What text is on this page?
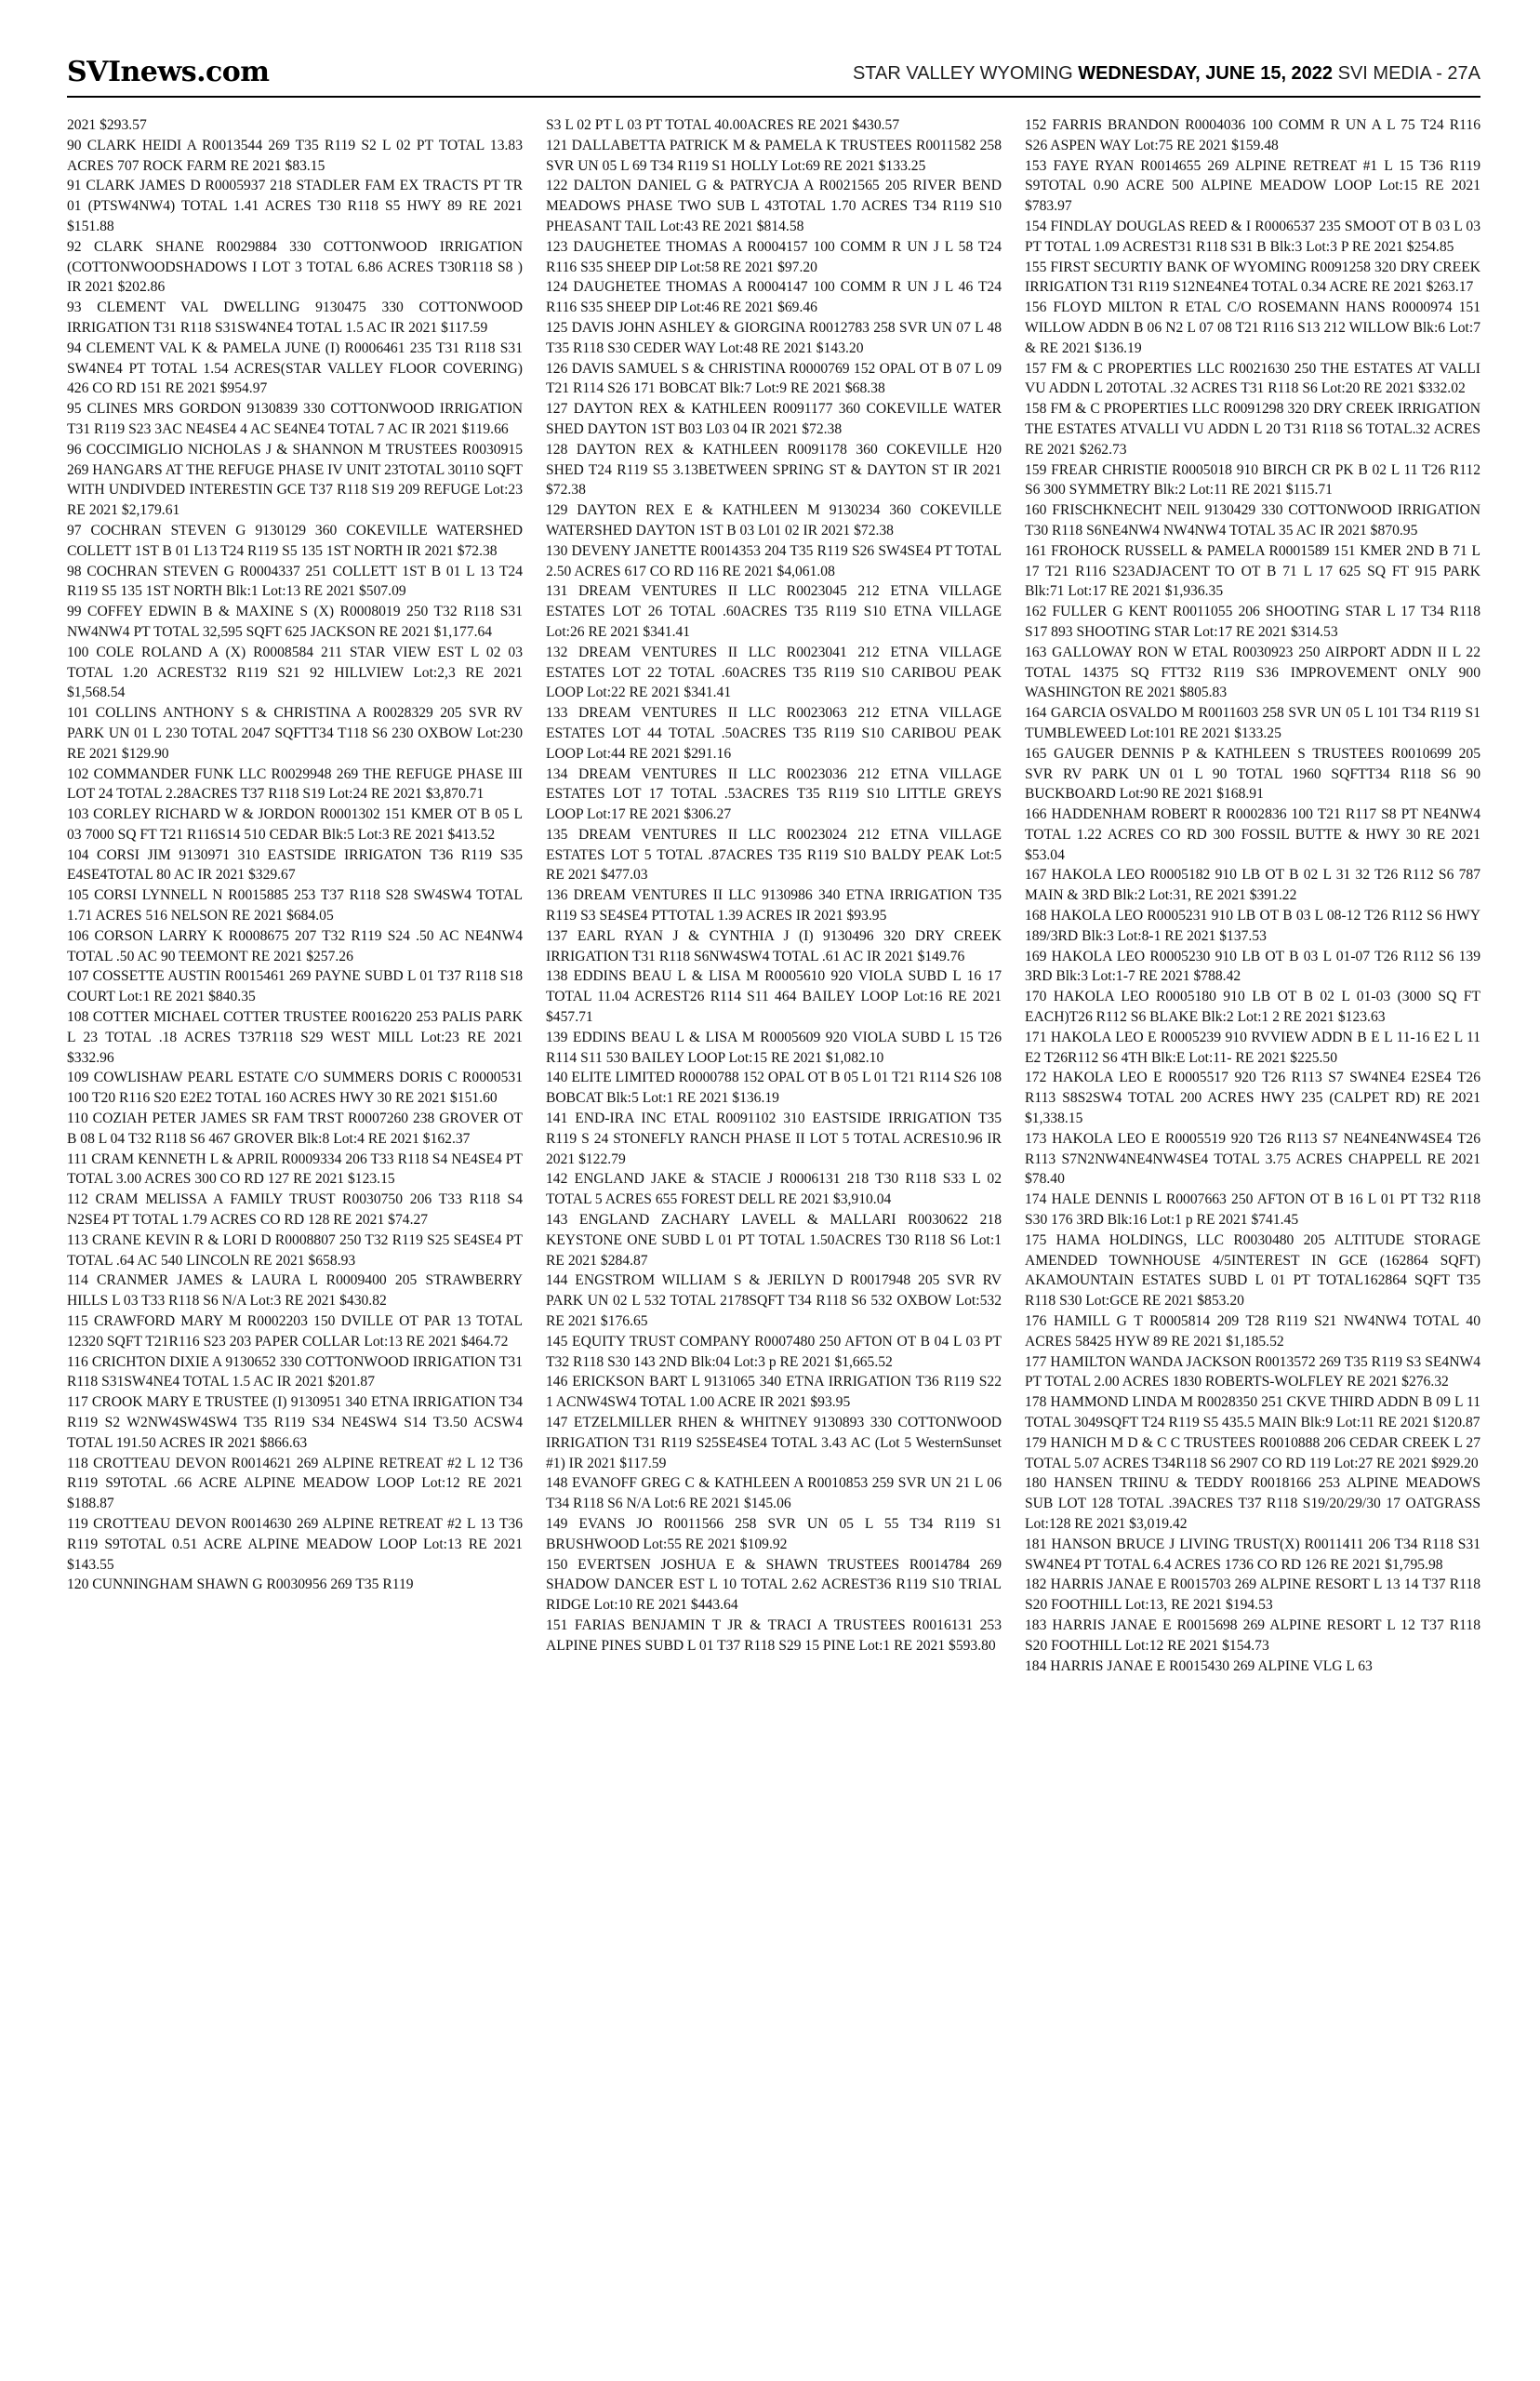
SVInews.com	STAR VALLEY WYOMING WEDNESDAY, JUNE 15, 2022 SVI MEDIA - 27A

2021 $293.57

90 CLARK HEIDI A R0013544 269 T35 R119 S2 L 02 PT TOTAL 13.83 ACRES 707 ROCK FARM RE 2021 $83.15

91 CLARK JAMES D R0005937 218 STADLER FAM EX TRACTS PT TR 01 (PTSW4NW4) TOTAL 1.41 ACRES T30 R118 S5 HWY 89 RE 2021 $151.88

92 CLARK SHANE R0029884 330 COTTONWOOD IRRIGATION (COTTONWOODSHADOWS I LOT 3 TOTAL 6.86 ACRES T30R118 S8 ) IR 2021 $202.86

93 CLEMENT VAL DWELLING 9130475 330 COTTONWOOD IRRIGATION T31 R118 S31SW4NE4 TOTAL 1.5 AC IR 2021 $117.59

94 CLEMENT VAL K & PAMELA JUNE (I) R0006461 235 T31 R118 S31 SW4NE4 PT TOTAL 1.54 ACRES(STAR VALLEY FLOOR COVERING) 426 CO RD 151 RE 2021 $954.97

95 CLINES MRS GORDON 9130839 330 COTTONWOOD IRRIGATION T31 R119 S23 3AC NE4SE4 4 AC SE4NE4 TOTAL 7 AC IR 2021 $119.66

96 COCCIMIGLIO NICHOLAS J & SHANNON M TRUSTEES R0030915 269 HANGARS AT THE REFUGE PHASE IV UNIT 23TOTAL 30110 SQFT WITH UNDIVDED INTERESTIN GCE T37 R118 S19 209 REFUGE Lot:23 RE 2021 $2,179.61

97 COCHRAN STEVEN G 9130129 360 COKEVILLE WATERSHED COLLETT 1ST B 01 L13 T24 R119 S5 135 1ST NORTH IR 2021 $72.38

98 COCHRAN STEVEN G R0004337 251 COLLETT 1ST B 01 L 13 T24 R119 S5 135 1ST NORTH Blk:1 Lot:13 RE 2021 $507.09

99 COFFEY EDWIN B & MAXINE S (X) R0008019 250 T32 R118 S31 NW4NW4 PT TOTAL 32,595 SQFT 625 JACKSON RE 2021 $1,177.64

100 COLE ROLAND A (X) R0008584 211 STAR VIEW EST L 02 03 TOTAL 1.20 ACREST32 R119 S21 92 HILLVIEW Lot:2,3 RE 2021 $1,568.54

101 COLLINS ANTHONY S & CHRISTINA A R0028329 205 SVR RV PARK UN 01 L 230 TOTAL 2047 SQFTT34 T118 S6 230 OXBOW Lot:230 RE 2021 $129.90

102 COMMANDER FUNK LLC R0029948 269 THE REFUGE PHASE III LOT 24 TOTAL 2.28ACRES T37 R118 S19 Lot:24 RE 2021 $3,870.71

103 CORLEY RICHARD W & JORDON R0001302 151 KMER OT B 05 L 03 7000 SQ FT T21 R116S14 510 CEDAR Blk:5 Lot:3 RE 2021 $413.52

104 CORSI JIM 9130971 310 EASTSIDE IRRIGATON T36 R119 S35 E4SE4TOTAL 80 AC IR 2021 $329.67

105 CORSI LYNNELL N R0015885 253 T37 R118 S28 SW4SW4 TOTAL 1.71 ACRES 516 NELSON RE 2021 $684.05

106 CORSON LARRY K R0008675 207 T32 R119 S24 .50 AC NE4NW4 TOTAL .50 AC 90 TEEMONT RE 2021 $257.26

107 COSSETTE AUSTIN R0015461 269 PAYNE SUBD L 01 T37 R118 S18 COURT Lot:1 RE 2021 $840.35

108 COTTER MICHAEL COTTER TRUSTEE R0016220 253 PALIS PARK L 23 TOTAL .18 ACRES T37R118 S29 WEST MILL Lot:23 RE 2021 $332.96

109 COWLISHAW PEARL ESTATE C/O SUMMERS DORIS C R0000531 100 T20 R116 S20 E2E2 TOTAL 160 ACRES HWY 30 RE 2021 $151.60

110 COZIAH PETER JAMES SR FAM TRST R0007260 238 GROVER OT B 08 L 04 T32 R118 S6 467 GROVER Blk:8 Lot:4 RE 2021 $162.37

111 CRAM KENNETH L & APRIL R0009334 206 T33 R118 S4 NE4SE4 PT TOTAL 3.00 ACRES 300 CO RD 127 RE 2021 $123.15

112 CRAM MELISSA A FAMILY TRUST R0030750 206 T33 R118 S4 N2SE4 PT TOTAL 1.79 ACRES CO RD 128 RE 2021 $74.27

113 CRANE KEVIN R & LORI D R0008807 250 T32 R119 S25 SE4SE4 PT TOTAL .64 AC 540 LINCOLN RE 2021 $658.93

114 CRANMER JAMES & LAURA L R0009400 205 STRAWBERRY HILLS L 03 T33 R118 S6 N/A Lot:3 RE 2021 $430.82

115 CRAWFORD MARY M R0002203 150 DVILLE OT PAR 13 TOTAL 12320 SQFT T21R116 S23 203 PAPER COLLAR Lot:13 RE 2021 $464.72

116 CRICHTON DIXIE A 9130652 330 COTTONWOOD IRRIGATION T31 R118 S31SW4NE4 TOTAL 1.5 AC IR 2021 $201.87

117 CROOK MARY E TRUSTEE (I) 9130951 340 ETNA IRRIGATION T34 R119 S2 W2NW4SW4SW4 T35 R119 S34 NE4SW4 S14 T3.50 ACSW4 TOTAL 191.50 ACRES IR 2021 $866.63

118 CROTTEAU DEVON R0014621 269 ALPINE RETREAT #2 L 12 T36 R119 S9TOTAL .66 ACRE ALPINE MEADOW LOOP Lot:12 RE 2021 $188.87

119 CROTTEAU DEVON R0014630 269 ALPINE RETREAT #2 L 13 T36 R119 S9TOTAL 0.51 ACRE ALPINE MEADOW LOOP Lot:13 RE 2021 $143.55

120 CUNNINGHAM SHAWN G R0030956 269 T35 R119

S3 L 02 PT L 03 PT TOTAL 40.00ACRES RE 2021 $430.57

121 DALLABETTA PATRICK M & PAMELA K TRUSTEES R0011582 258 SVR UN 05 L 69 T34 R119 S1 HOLLY Lot:69 RE 2021 $133.25

122 DALTON DANIEL G & PATRYCJA A R0021565 205 RIVER BEND MEADOWS PHASE TWO SUB L 43TOTAL 1.70 ACRES T34 R119 S10 PHEASANT TAIL Lot:43 RE 2021 $814.58

123 DAUGHETEE THOMAS A R0004157 100 COMM R UN J L 58 T24 R116 S35 SHEEP DIP Lot:58 RE 2021 $97.20

124 DAUGHETEE THOMAS A R0004147 100 COMM R UN J L 46 T24 R116 S35 SHEEP DIP Lot:46 RE 2021 $69.46

125 DAVIS JOHN ASHLEY & GIORGINA R0012783 258 SVR UN 07 L 48 T35 R118 S30 CEDER WAY Lot:48 RE 2021 $143.20

126 DAVIS SAMUEL S & CHRISTINA R0000769 152 OPAL OT B 07 L 09 T21 R114 S26 171 BOBCAT Blk:7 Lot:9 RE 2021 $68.38

127 DAYTON REX & KATHLEEN R0091177 360 COKEVILLE WATER SHED DAYTON 1ST B03 L03 04 IR 2021 $72.38

128 DAYTON REX & KATHLEEN R0091178 360 COKEVILLE H20 SHED T24 R119 S5 3.13BETWEEN SPRING ST & DAYTON ST IR 2021 $72.38

129 DAYTON REX E & KATHLEEN M 9130234 360 COKEVILLE WATERSHED DAYTON 1ST B 03 L01 02 IR 2021 $72.38

130 DEVENY JANETTE R0014353 204 T35 R119 S26 SW4SE4 PT TOTAL 2.50 ACRES 617 CO RD 116 RE 2021 $4,061.08

131 DREAM VENTURES II LLC R0023045 212 ETNA VILLAGE ESTATES LOT 26 TOTAL .60ACRES T35 R119 S10 ETNA VILLAGE Lot:26 RE 2021 $341.41

132 DREAM VENTURES II LLC R0023041 212 ETNA VILLAGE ESTATES LOT 22 TOTAL .60ACRES T35 R119 S10 CARIBOU PEAK LOOP Lot:22 RE 2021 $341.41

133 DREAM VENTURES II LLC R0023063 212 ETNA VILLAGE ESTATES LOT 44 TOTAL .50ACRES T35 R119 S10 CARIBOU PEAK LOOP Lot:44 RE 2021 $291.16

134 DREAM VENTURES II LLC R0023036 212 ETNA VILLAGE ESTATES LOT 17 TOTAL .53ACRES T35 R119 S10 LITTLE GREYS LOOP Lot:17 RE 2021 $306.27

135 DREAM VENTURES II LLC R0023024 212 ETNA VILLAGE ESTATES LOT 5 TOTAL .87ACRES T35 R119 S10 BALDY PEAK Lot:5 RE 2021 $477.03

136 DREAM VENTURES II LLC 9130986 340 ETNA IRRIGATION T35 R119 S3 SE4SE4 PTTOTAL 1.39 ACRES IR 2021 $93.95

137 EARL RYAN J & CYNTHIA J (I) 9130496 320 DRY CREEK IRRIGATION T31 R118 S6NW4SW4 TOTAL .61 AC IR 2021 $149.76

138 EDDINS BEAU L & LISA M R0005610 920 VIOLA SUBD L 16 17 TOTAL 11.04 ACREST26 R114 S11 464 BAILEY LOOP Lot:16 RE 2021 $457.71

139 EDDINS BEAU L & LISA M R0005609 920 VIOLA SUBD L 15 T26 R114 S11 530 BAILEY LOOP Lot:15 RE 2021 $1,082.10

140 ELITE LIMITED R0000788 152 OPAL OT B 05 L 01 T21 R114 S26 108 BOBCAT Blk:5 Lot:1 RE 2021 $136.19

141 END-IRA INC ETAL R0091102 310 EASTSIDE IRRIGATION T35 R119 S 24 STONEFLY RANCH PHASE II LOT 5 TOTAL ACRES10.96 IR 2021 $122.79

142 ENGLAND JAKE & STACIE J R0006131 218 T30 R118 S33 L 02 TOTAL 5 ACRES 655 FOREST DELL RE 2021 $3,910.04

143 ENGLAND ZACHARY LAVELL & MALLARI R0030622 218 KEYSTONE ONE SUBD L 01 PT TOTAL 1.50ACRES T30 R118 S6 Lot:1 RE 2021 $284.87

144 ENGSTROM WILLIAM S & JERILYN D R0017948 205 SVR RV PARK UN 02 L 532 TOTAL 2178SQFT T34 R118 S6 532 OXBOW Lot:532 RE 2021 $176.65

145 EQUITY TRUST COMPANY R0007480 250 AFTON OT B 04 L 03 PT T32 R118 S30 143 2ND Blk:04 Lot:3 p RE 2021 $1,665.52

146 ERICKSON BART L 9131065 340 ETNA IRRIGATION T36 R119 S22 1 ACNW4SW4 TOTAL 1.00 ACRE IR 2021 $93.95

147 ETZELMILLER RHEN & WHITNEY 9130893 330 COTTONWOOD IRRIGATION T31 R119 S25SE4SE4 TOTAL 3.43 AC (Lot 5 WesternSunset #1) IR 2021 $117.59

148 EVANOFF GREG C & KATHLEEN A R0010853 259 SVR UN 21 L 06 T34 R118 S6 N/A Lot:6 RE 2021 $145.06

149 EVANS JO R0011566 258 SVR UN 05 L 55 T34 R119 S1 BRUSHWOOD Lot:55 RE 2021 $109.92

150 EVERTSEN JOSHUA E & SHAWN TRUSTEES R0014784 269 SHADOW DANCER EST L 10 TOTAL 2.62 ACREST36 R119 S10 TRIAL RIDGE Lot:10 RE 2021 $443.64

151 FARIAS BENJAMIN T JR & TRACI A TRUSTEES R0016131 253 ALPINE PINES SUBD L 01 T37 R118 S29 15 PINE Lot:1 RE 2021 $593.80

152 FARRIS BRANDON R0004036 100 COMM R UN A L 75 T24 R116 S26 ASPEN WAY Lot:75 RE 2021 $159.48

153 FAYE RYAN R0014655 269 ALPINE RETREAT #1 L 15 T36 R119 S9TOTAL 0.90 ACRE 500 ALPINE MEADOW LOOP Lot:15 RE 2021 $783.97

154 FINDLAY DOUGLAS REED & I R0006537 235 SMOOT OT B 03 L 03 PT TOTAL 1.09 ACREST31 R118 S31 B Blk:3 Lot:3 P RE 2021 $254.85

155 FIRST SECURTIY BANK OF WYOMING R0091258 320 DRY CREEK IRRIGATION T31 R119 S12NE4NE4 TOTAL 0.34 ACRE RE 2021 $263.17

156 FLOYD MILTON R ETAL C/O ROSEMANN HANS R0000974 151 WILLOW ADDN B 06 N2 L 07 08 T21 R116 S13 212 WILLOW Blk:6 Lot:7 & RE 2021 $136.19

157 FM & C PROPERTIES LLC R0021630 250 THE ESTATES AT VALLI VU ADDN L 20TOTAL .32 ACRES T31 R118 S6 Lot:20 RE 2021 $332.02

158 FM & C PROPERTIES LLC R0091298 320 DRY CREEK IRRIGATION THE ESTATES ATVALLI VU ADDN L 20 T31 R118 S6 TOTAL.32 ACRES RE 2021 $262.73

159 FREAR CHRISTIE R0005018 910 BIRCH CR PK B 02 L 11 T26 R112 S6 300 SYMMETRY Blk:2 Lot:11 RE 2021 $115.71

160 FRISCHKNECHT NEIL 9130429 330 COTTONWOOD IRRIGATION T30 R118 S6NE4NW4 NW4NW4 TOTAL 35 AC IR 2021 $870.95

161 FROHOCK RUSSELL & PAMELA R0001589 151 KMER 2ND B 71 L 17 T21 R116 S23ADJACENT TO OT B 71 L 17 625 SQ FT 915 PARK Blk:71 Lot:17 RE 2021 $1,936.35

162 FULLER G KENT R0011055 206 SHOOTING STAR L 17 T34 R118 S17 893 SHOOTING STAR Lot:17 RE 2021 $314.53

163 GALLOWAY RON W ETAL R0030923 250 AIRPORT ADDN II L 22 TOTAL 14375 SQ FTT32 R119 S36 IMPROVEMENT ONLY 900 WASHINGTON RE 2021 $805.83

164 GARCIA OSVALDO M R0011603 258 SVR UN 05 L 101 T34 R119 S1 TUMBLEWEED Lot:101 RE 2021 $133.25

165 GAUGER DENNIS P & KATHLEEN S TRUSTEES R0010699 205 SVR RV PARK UN 01 L 90 TOTAL 1960 SQFTT34 R118 S6 90 BUCKBOARD Lot:90 RE 2021 $168.91

166 HADDENHAM ROBERT R R0002836 100 T21 R117 S8 PT NE4NW4 TOTAL 1.22 ACRES CO RD 300 FOSSIL BUTTE & HWY 30 RE 2021 $53.04

167 HAKOLA LEO R0005182 910 LB OT B 02 L 31 32 T26 R112 S6 787 MAIN & 3RD Blk:2 Lot:31, RE 2021 $391.22

168 HAKOLA LEO R0005231 910 LB OT B 03 L 08-12 T26 R112 S6 HWY 189/3RD Blk:3 Lot:8-1 RE 2021 $137.53

169 HAKOLA LEO R0005230 910 LB OT B 03 L 01-07 T26 R112 S6 139 3RD Blk:3 Lot:1-7 RE 2021 $788.42

170 HAKOLA LEO R0005180 910 LB OT B 02 L 01-03 (3000 SQ FT EACH)T26 R112 S6 BLAKE Blk:2 Lot:1 2 RE 2021 $123.63

171 HAKOLA LEO E R0005239 910 RVVIEW ADDN B E L 11-16 E2 L 11 E2 T26R112 S6 4TH Blk:E Lot:11- RE 2021 $225.50

172 HAKOLA LEO E R0005517 920 T26 R113 S7 SW4NE4 E2SE4 T26 R113 S8S2SW4 TOTAL 200 ACRES HWY 235 (CALPET RD) RE 2021 $1,338.15

173 HAKOLA LEO E R0005519 920 T26 R113 S7 NE4NE4NW4SE4 T26 R113 S7N2NW4NE4NW4SE4 TOTAL 3.75 ACRES CHAPPELL RE 2021 $78.40

174 HALE DENNIS L R0007663 250 AFTON OT B 16 L 01 PT T32 R118 S30 176 3RD Blk:16 Lot:1 p RE 2021 $741.45

175 HAMA HOLDINGS, LLC R0030480 205 ALTITUDE STORAGE AMENDED TOWNHOUSE 4/5INTEREST IN GCE (162864 SQFT) AKAMOUNTAIN ESTATES SUBD L 01 PT TOTAL162864 SQFT T35 R118 S30 Lot:GCE RE 2021 $853.20

176 HAMILL G T R0005814 209 T28 R119 S21 NW4NW4 TOTAL 40 ACRES 58425 HYW 89 RE 2021 $1,185.52

177 HAMILTON WANDA JACKSON R0013572 269 T35 R119 S3 SE4NW4 PT TOTAL 2.00 ACRES 1830 ROBERTS-WOLFLEY RE 2021 $276.32

178 HAMMOND LINDA M R0028350 251 CKVE THIRD ADDN B 09 L 11 TOTAL 3049SQFT T24 R119 S5 435.5 MAIN Blk:9 Lot:11 RE 2021 $120.87

179 HANICH M D & C C TRUSTEES R0010888 206 CEDAR CREEK L 27 TOTAL 5.07 ACRES T34R118 S6 2907 CO RD 119 Lot:27 RE 2021 $929.20

180 HANSEN TRIINU & TEDDY R0018166 253 ALPINE MEADOWS SUB LOT 128 TOTAL .39ACRES T37 R118 S19/20/29/30 17 OATGRASS Lot:128 RE 2021 $3,019.42

181 HANSON BRUCE J LIVING TRUST(X) R0011411 206 T34 R118 S31 SW4NE4 PT TOTAL 6.4 ACRES 1736 CO RD 126 RE 2021 $1,795.98

182 HARRIS JANAE E R0015703 269 ALPINE RESORT L 13 14 T37 R118 S20 FOOTHILL Lot:13, RE 2021 $194.53

183 HARRIS JANAE E R0015698 269 ALPINE RESORT L 12 T37 R118 S20 FOOTHILL Lot:12 RE 2021 $154.73

184 HARRIS JANAE E R0015430 269 ALPINE VLG L 63
